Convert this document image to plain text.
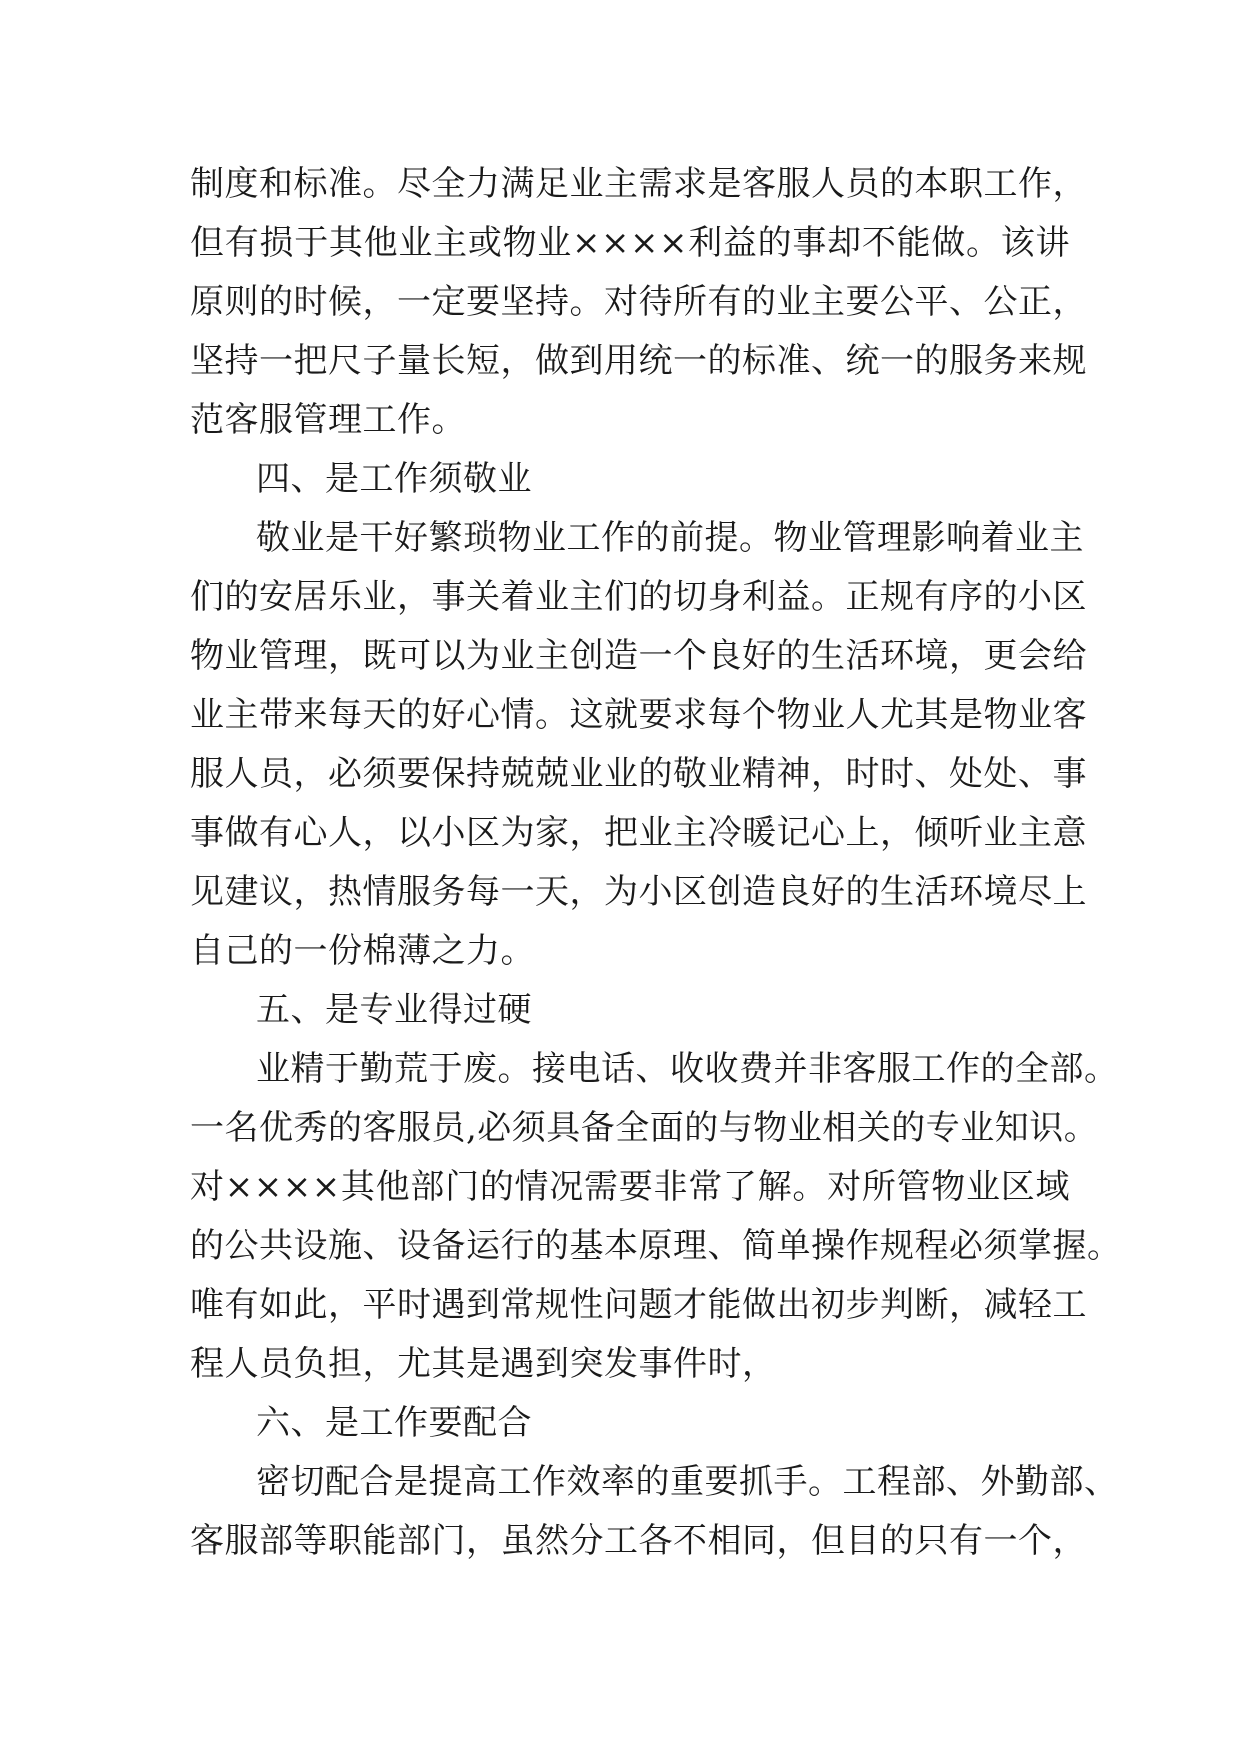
制度和标准。尽全力满足业主需求是客服人员的本职工作，
但有损于其他业主或物业××××利益的事却不能做。该讲
原则的时候，一定要坚持。对待所有的业主要公平、公正，
坚持一把尺子量长短，做到用统一的标准、统一的服务来规
范客服管理工作。
四、是工作须敬业
敬业是干好繁琐物业工作的前提。物业管理影响着业主
们的安居乐业，事关着业主们的切身利益。正规有序的小区
物业管理，既可以为业主创造一个良好的生活环境，更会给
业主带来每天的好心情。这就要求每个物业人尤其是物业客
服人员，必须要保持兢兢业业的敬业精神，时时、处处、事
事做有心人，以小区为家，把业主冷暖记心上，倾听业主意
见建议，热情服务每一天，为小区创造良好的生活环境尽上
自己的一份棉薄之力。
五、是专业得过硬
业精于勤荒于废。接电话、收收费并非客服工作的全部。
一名优秀的客服员,必须具备全面的与物业相关的专业知识。
对××××其他部门的情况需要非常了解。对所管物业区域
的公共设施、设备运行的基本原理、简单操作规程必须掌握。
唯有如此，平时遇到常规性问题才能做出初步判断，减轻工
程人员负担，尤其是遇到突发事件时，
六、是工作要配合
密切配合是提高工作效率的重要抓手。工程部、外勤部、
客服部等职能部门，虽然分工各不相同，但目的只有一个，
